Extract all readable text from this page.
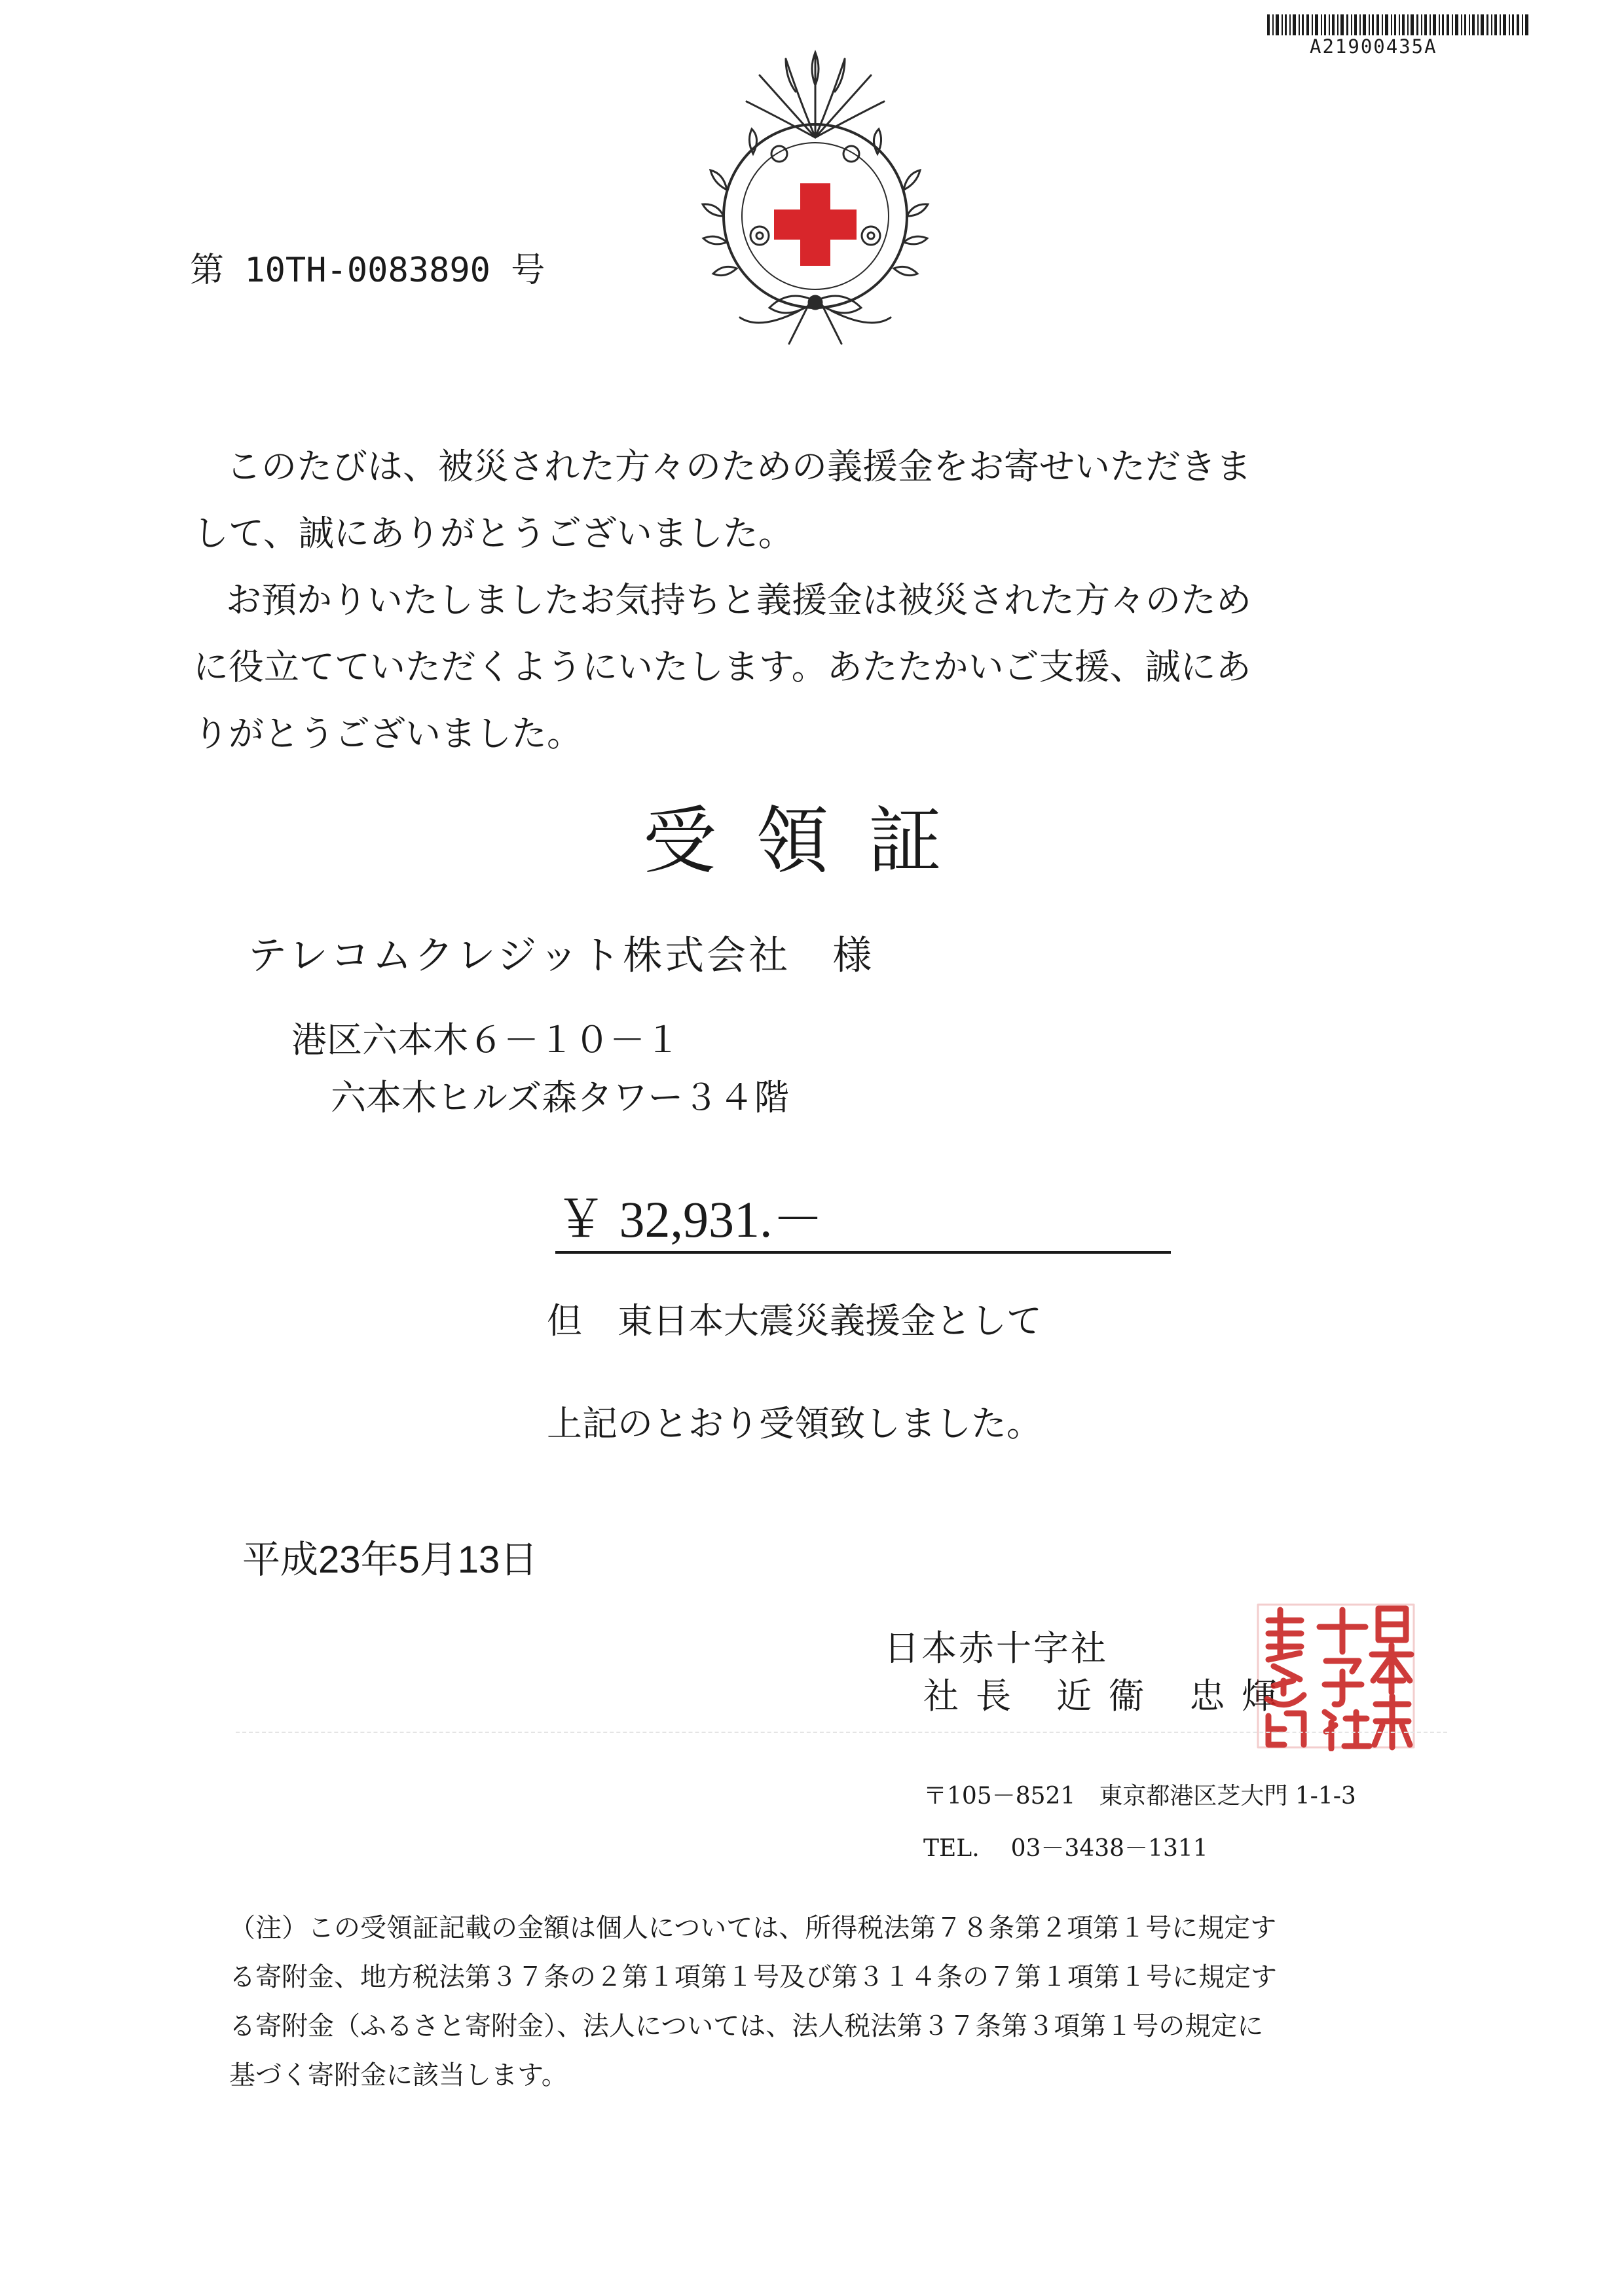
A21900435A
第 10TH-0083890 号

このたびは、被災された方々のための義援金をお寄せいただきま

して、誠にありがとうございました。

お預かりいたしましたお気持ちと義援金は被災された方々のため

に役立てていただくようにいたします。あたたかいご支援、誠にあ

りがとうございました。

受領証
テレコムクレジット株式会社　様
港区六本木６－１０－１
六本木ヒルズ森タワー３４階
￥ 32,931.－
但　東日本大震災義援金として
上記のとおり受領致しました。
平成23年5月13日
日本赤十字社
社長 近衞 忠煇
〒105－8521　東京都港区芝大門 1-1-3
TEL. 03－3438－1311

（注）この受領証記載の金額は個人については、所得税法第７８条第２項第１号に規定す

る寄附金、地方税法第３７条の２第１項第１号及び第３１４条の７第１項第１号に規定す

る寄附金（ふるさと寄附金）、法人については、法人税法第３７条第３項第１号の規定に

基づく寄附金に該当します。
